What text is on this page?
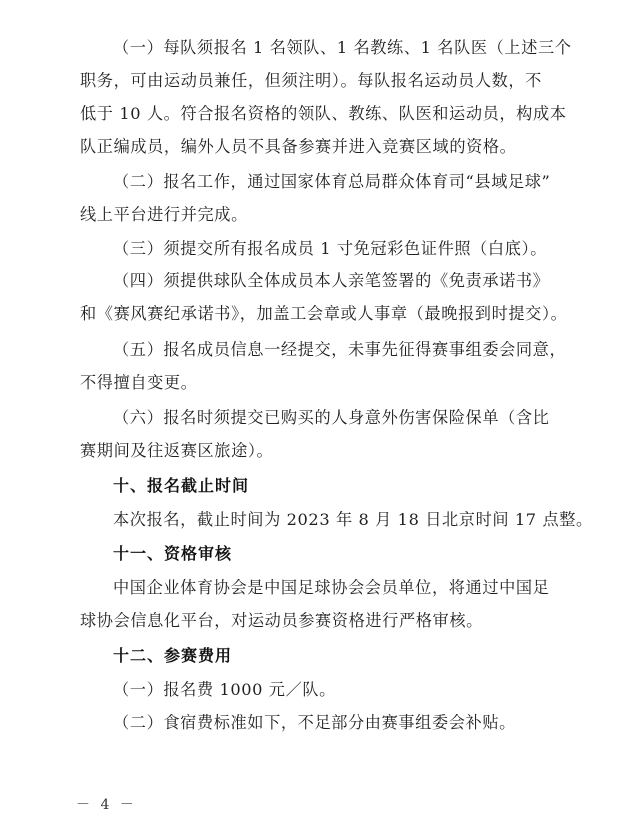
（一）每队须报名 1 名领队、1 名教练、1 名队医（上述三个
职务，可由运动员兼任，但须注明）。每队报名运动员人数，不
低于 10 人。符合报名资格的领队、教练、队医和运动员，构成本
队正编成员，编外人员不具备参赛并进入竞赛区域的资格。
（二）报名工作，通过国家体育总局群众体育司“县域足球”
线上平台进行并完成。
（三）须提交所有报名成员 1 寸免冠彩色证件照（白底）。
（四）须提供球队全体成员本人亲笔签署的《免责承诺书》
和《赛风赛纪承诺书》，加盖工会章或人事章（最晚报到时提交）。
（五）报名成员信息一经提交，未事先征得赛事组委会同意，
不得擅自变更。
（六）报名时须提交已购买的人身意外伤害保险保单（含比
赛期间及往返赛区旅途）。
十、报名截止时间
本次报名，截止时间为 2023 年 8 月 18 日北京时间 17 点整。
十一、资格审核
中国企业体育协会是中国足球协会会员单位，将通过中国足
球协会信息化平台，对运动员参赛资格进行严格审核。
十二、参赛费用
（一）报名费 1000 元／队。
（二）食宿费标准如下，不足部分由赛事组委会补贴。
－ 4 －
